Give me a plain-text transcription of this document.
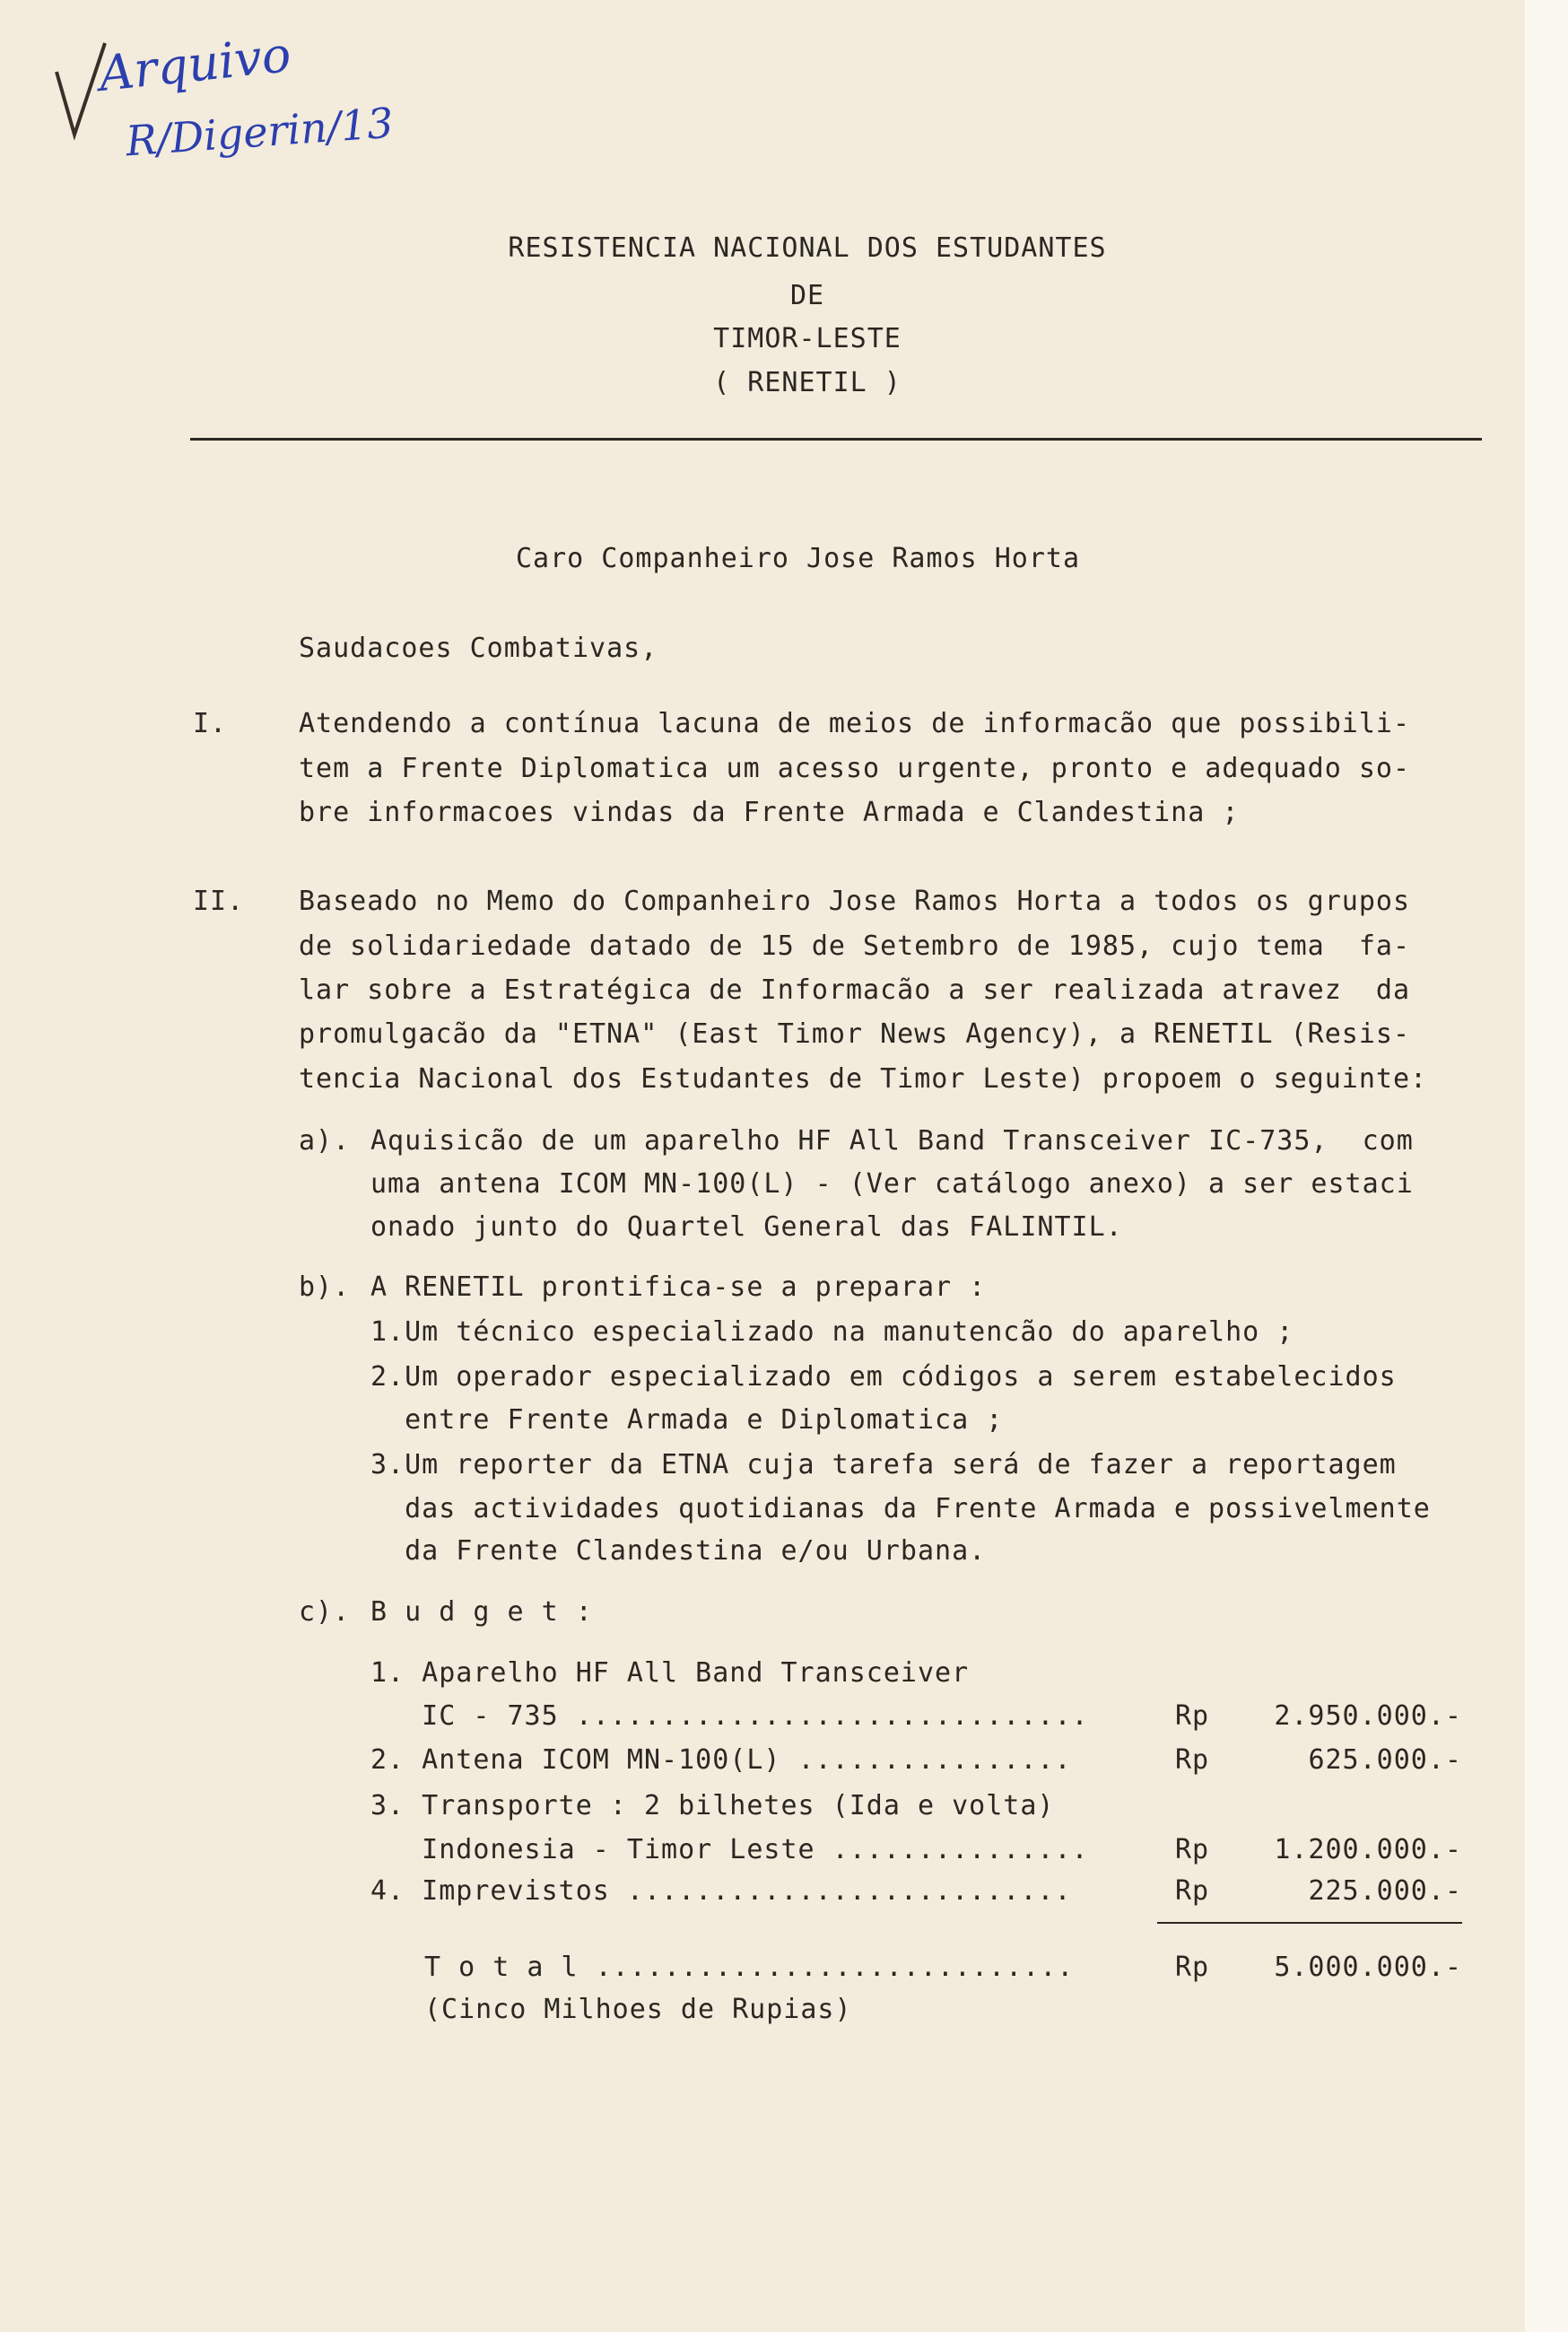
Arquivo
R/Digerin/13
RESISTENCIA NACIONAL DOS ESTUDANTES
DE
TIMOR-LESTE
( RENETIL )
Caro Companheiro Jose Ramos Horta
Saudacoes Combativas,
I.	Atendendo a contínua lacuna de meios de informacão que possibili-
tem a Frente Diplomatica um acesso urgente, pronto e adequado so-
bre informacoes vindas da Frente Armada e Clandestina ;
II. Baseado no Memo do Companheiro Jose Ramos Horta a todos os grupos
de solidariedade datado de 15 de Setembro de 1985, cujo tema  fa-
lar sobre a Estratégica de Informacão a ser realizada atravez  da
promulgacão da "ETNA" (East Timor News Agency), a RENETIL (Resis-
tencia Nacional dos Estudantes de Timor Leste) propoem o seguinte:
a). Aquisicão de um aparelho HF All Band Transceiver IC-735,  com
uma antena ICOM MN-100(L) - (Ver catálogo anexo) a ser estaci
onado junto do Quartel General das FALINTIL.
b). A RENETIL prontifica-se a preparar :
1.Um técnico especializado na manutencão do aparelho ;
2.Um operador especializado em códigos a serem estabelecidos
entre Frente Armada e Diplomatica ;
3.Um reporter da ETNA cuja tarefa será de fazer a reportagem
das actividades quotidianas da Frente Armada e possivelmente
da Frente Clandestina e/ou Urbana.
c). B u d g e t :
1. Aparelho HF All Band Transceiver
IC - 735 ..............................	Rp	2.950.000.-
2. Antena ICOM MN-100(L) ................	Rp	625.000.-
3. Transporte : 2 bilhetes (Ida e volta)
Indonesia - Timor Leste ...............	Rp	1.200.000.-
4. Imprevistos ..........................	Rp	225.000.-
T o t a l ............................	Rp	5.000.000.-
(Cinco Milhoes de Rupias)
